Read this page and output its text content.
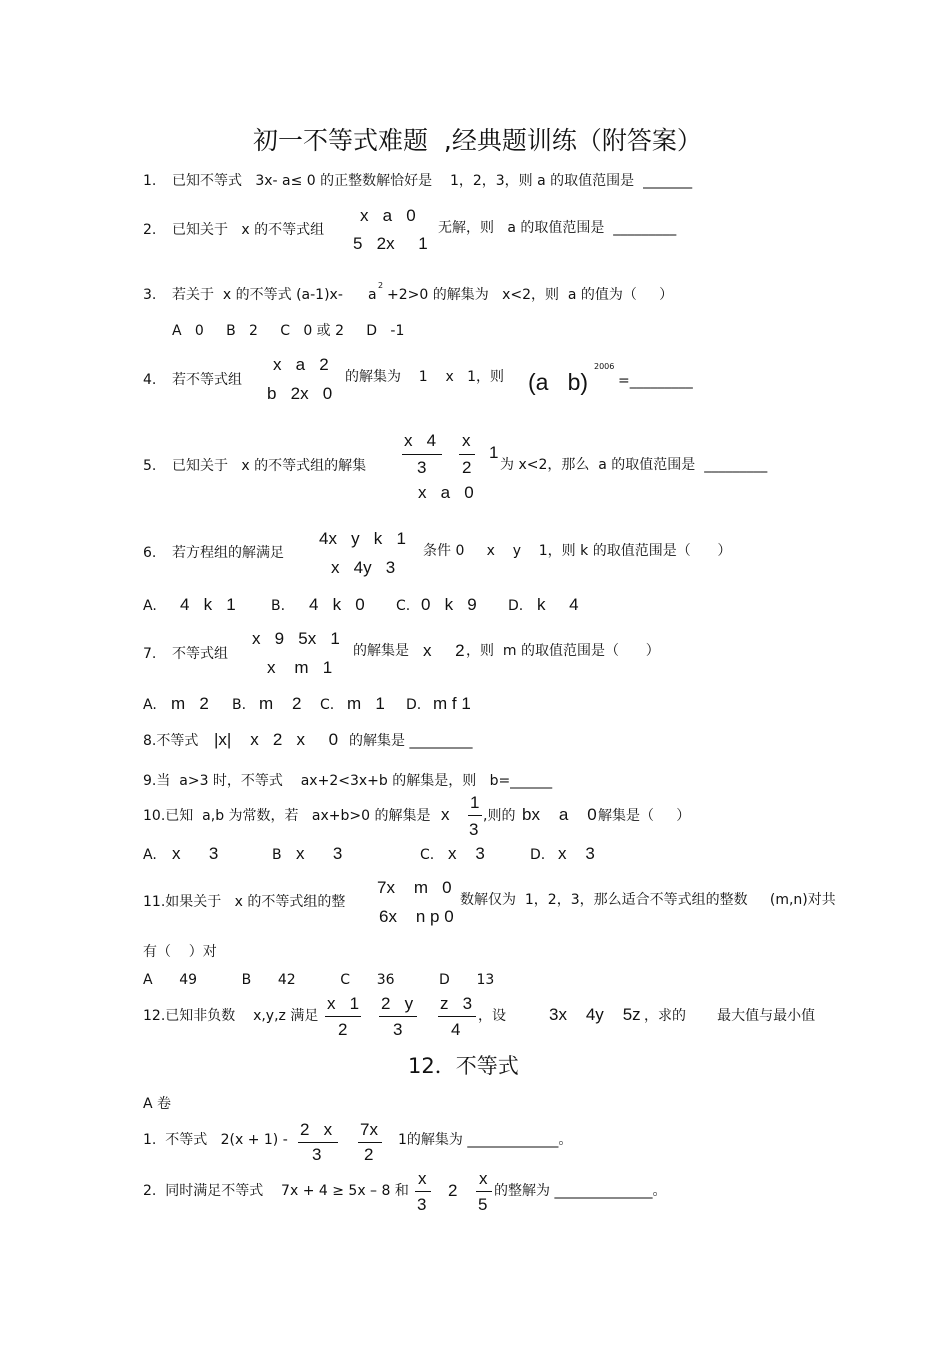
初一不等式难题  ,经典题训练（附答案）
1. 已知不等式   3x- a≤ 0 的正整数解恰好是    1，2，3，则 a 的取值范围是  _______
2. 已知关于   x 的不等式组
x   a   0
5   2x     1
无解，则   a 的取值范围是  _________
3. 若关于  x 的不等式 (a-1)x- a
2
+2>0 的解集为   x<2，则  a 的值为（     ）
A   0     B   2     C   0 或 2     D   -1
4. 若不等式组
x   a   2
b   2x   0
的解集为    1    x   1，则 (a   b)
2006
=_________
5. 已知关于   x 的不等式组的解集
x   4
3
x
2
1
x   a   0
为 x<2，那么  a 的取值范围是  _________
6. 若方程组的解满足
4x   y   k   1
x   4y   3
条件 0     x    y    1，则 k 的取值范围是（      ）
A. 4   k   1	B. 4   k   0 C. 0   k   9 D. k     4
7. 不等式组
x   9   5x   1
x    m   1
的解集是 x     2 ，则  m 的取值范围是（      ）
A. m   2 B. m    2 C. m   1 D. m f 1
8.不等式 |x|    x   2   x     0 的解集是 _________
9.当  a>3 时，不等式    ax+2<3x+b 的解集是，则   b=______
10.已知  a,b 为常数，若   ax+b>0 的解集是 x
1
3
,则的 bx    a    0 解集是（     ）
A. x      3	B x      3	C. x    3	D. x    3
11.如果关于   x 的不等式组的整
7x    m   0
6x    n p 0
数解仅为  1，2，3，那么适合不等式组的整数     (m,n)对共
有（    ）对
A      49          B      42          C      36          D      13
12.已知非负数    x,y,z 满足
x   1
2
2   y
3
z   3
4
，设	3x    4y    5z ，求的       最大值与最小值
12．不等式
A 卷
1.  不等式   2(x + 1) -
2   x
3
7x
2
1的解集为 _____________。
2.  同时满足不等式    7x + 4 ≥ 5x – 8 和
x
3
2
x
5
的整解为 ______________。
